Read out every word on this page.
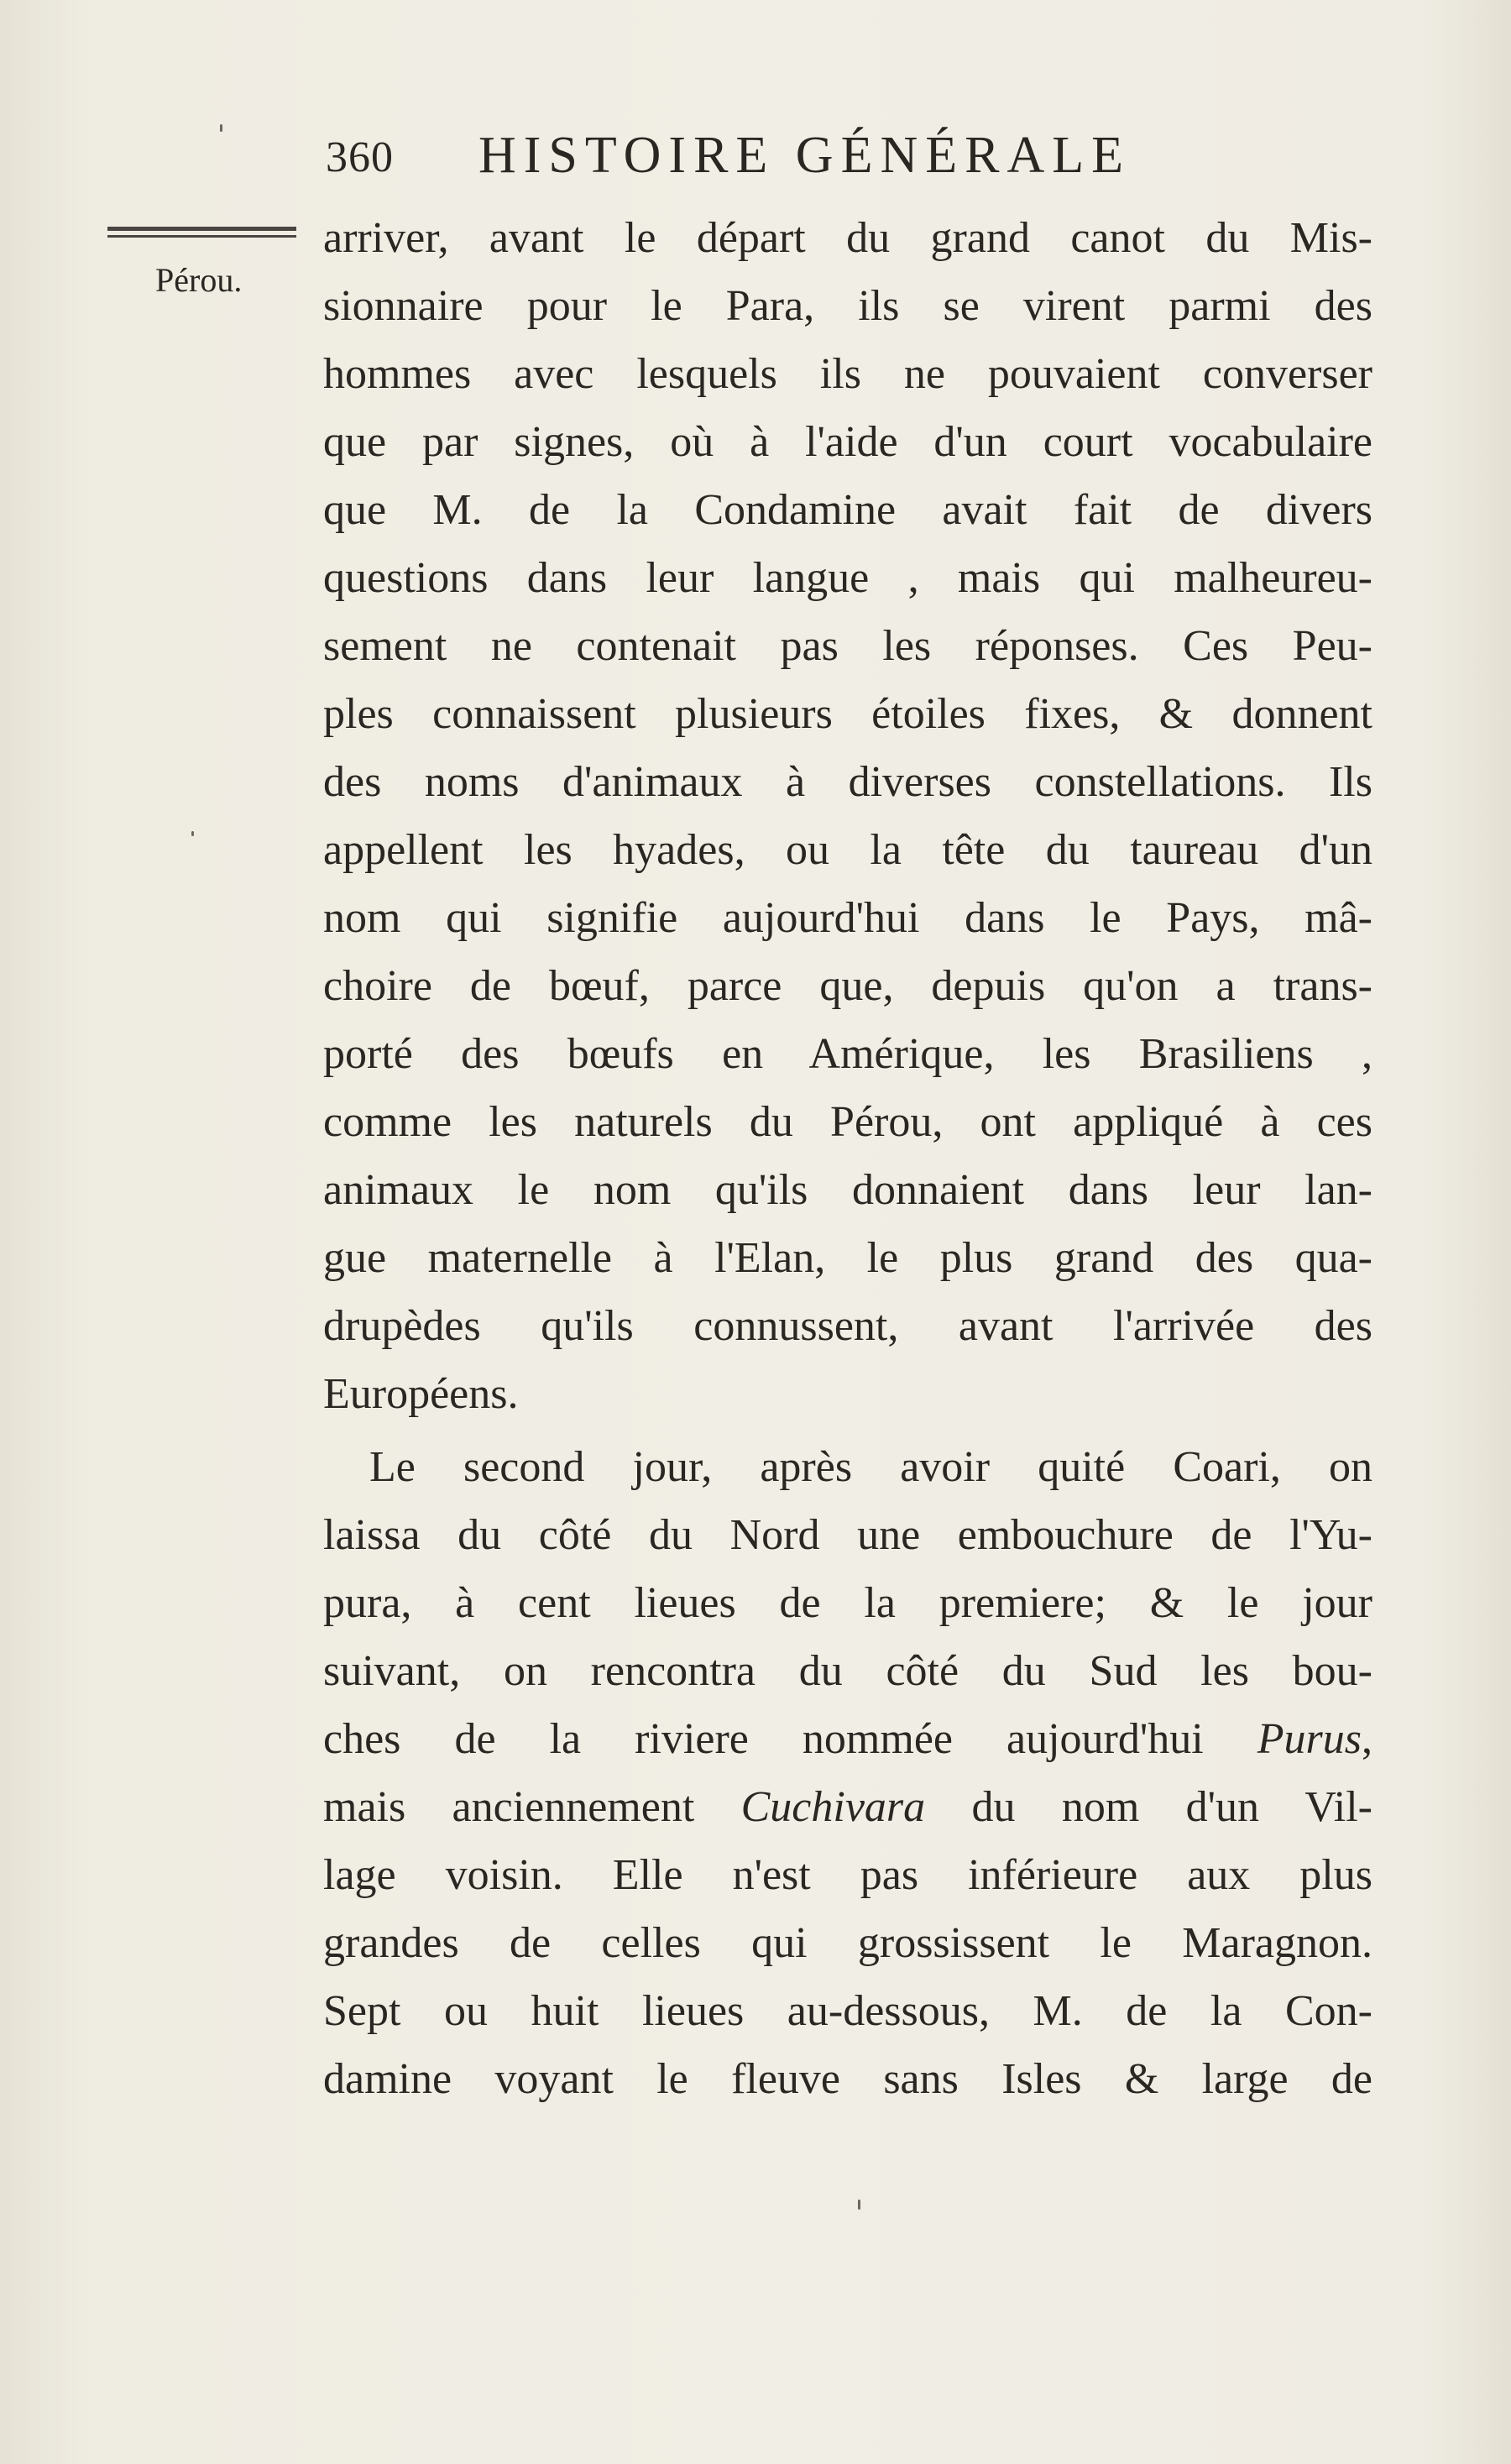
360 HISTOIRE GÉNÉRALE
Pérou.
arriver, avant le départ du grand canot du Mis-
sionnaire pour le Para, ils se virent parmi des
hommes avec lesquels ils ne pouvaient converser
que par signes, où à l'aide d'un court vocabulaire
que M. de la Condamine avait fait de divers
questions dans leur langue , mais qui malheureu-
sement ne contenait pas les réponses. Ces Peu-
ples connaissent plusieurs étoiles fixes, & donnent
des noms d'animaux à diverses constellations. Ils
appellent les hyades, ou la tête du taureau d'un
nom qui signifie aujourd'hui dans le Pays, mâ-
choire de bœuf, parce que, depuis qu'on a trans-
porté des bœufs en Amérique, les Brasiliens ,
comme les naturels du Pérou, ont appliqué à ces
animaux le nom qu'ils donnaient dans leur lan-
gue maternelle à l'Elan, le plus grand des qua-
drupèdes qu'ils connussent, avant l'arrivée des
Européens.
Le second jour, après avoir quité Coari, on
laissa du côté du Nord une embouchure de l'Yu-
pura, à cent lieues de la premiere; & le jour
suivant, on rencontra du côté du Sud les bou-
ches de la riviere nommée aujourd'hui Purus,
mais anciennement Cuchivara du nom d'un Vil-
lage voisin. Elle n'est pas inférieure aux plus
grandes de celles qui grossissent le Maragnon.
Sept ou huit lieues au-dessous, M. de la Con-
damine voyant le fleuve sans Isles & large de
